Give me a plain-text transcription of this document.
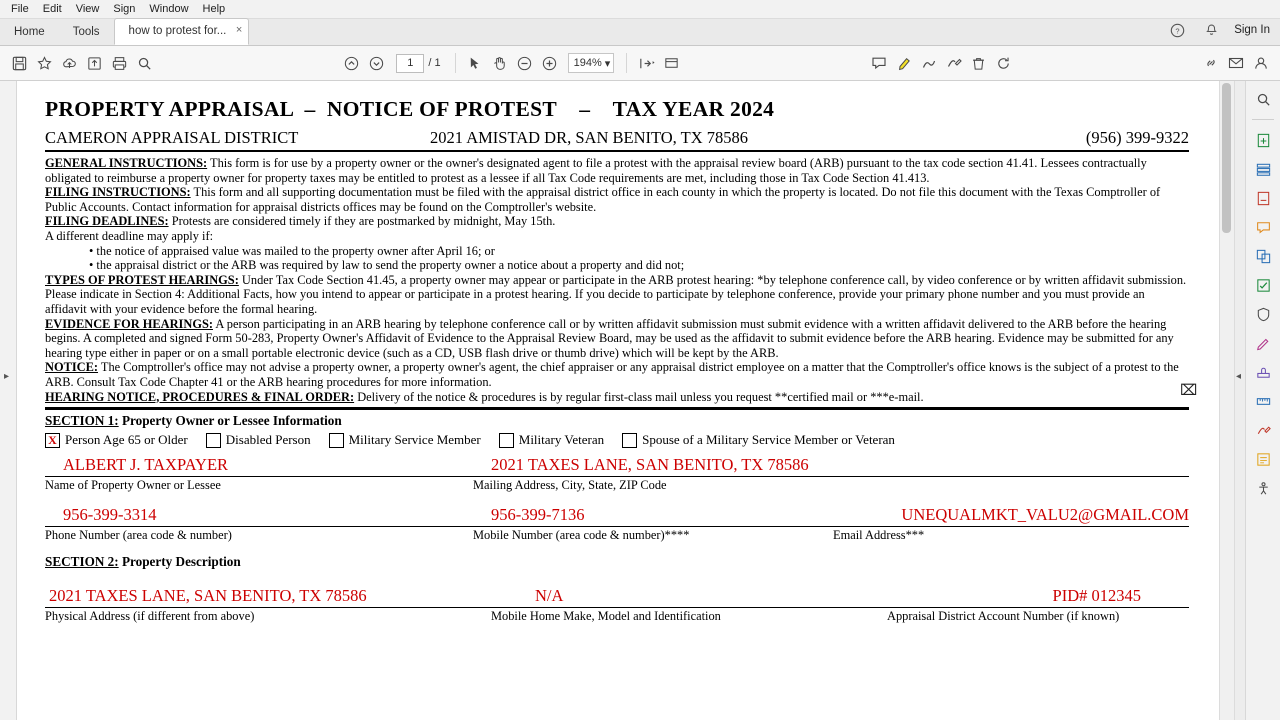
File	Edit	View	Sign	Window	Help
Home	Tools	how to protest for... ×	?	Sign In
1	/ 1	194% ▾
▸
PROPERTY APPRAISAL  –  NOTICE OF PROTEST    –    TAX YEAR 2024
CAMERON APPRAISAL DISTRICT	2021 AMISTAD DR, SAN BENITO, TX 78586	(956) 399-9322

GENERAL INSTRUCTIONS: This form is for use by a property owner or the owner's designated agent to file a protest with the appraisal review board (ARB) pursuant to the tax code section 41.41. Lessees contractually obligated to reimburse a property owner for property taxes may be entitled to protest as a lessee if all Tax Code requirements are met, including those in Tax Code Section 41.413.

FILING INSTRUCTIONS: This form and all supporting documentation must be filed with the appraisal district office in each county in which the property is located. Do not file this document with the Texas Comptroller of Public Accounts. Contact information for appraisal districts offices may be found on the Comptroller's website.

FILING DEADLINES: Protests are considered timely if they are postmarked by midnight, May 15th.

A different deadline may apply if:

• the notice of appraised value was mailed to the property owner after April 16; or

• the appraisal district or the ARB was required by law to send the property owner a notice about a property and did not;

TYPES OF PROTEST HEARINGS: Under Tax Code Section 41.45, a property owner may appear or participate in the ARB protest hearing: *by telephone conference call, by video conference or by written affidavit submission. Please indicate in Section 4: Additional Facts, how you intend to appear or participate in a protest hearing. If you decide to participate by telephone conference, provide your primary phone number and you must provide an affidavit with your evidence before the formal hearing.

EVIDENCE FOR HEARINGS: A person participating in an ARB hearing by telephone conference call or by written affidavit submission must submit evidence with a written affidavit delivered to the ARB before the hearing begins. A completed and signed Form 50-283, Property Owner's Affidavit of Evidence to the Appraisal Review Board, may be used as the affidavit to submit evidence before the ARB hearing. Evidence may be submitted for any hearing type either in paper or on a small portable electronic device (such as a CD, USB flash drive or thumb drive) which will be kept by the ARB.

NOTICE: The Comptroller's office may not advise a property owner, a property owner's agent, the chief appraiser or any appraisal district employee on a matter that the Comptroller's office knows is the subject of a protest to the ARB. Consult Tax Code Chapter 41 or the ARB hearing procedures for more information.

HEARING NOTICE, PROCEDURES & FINAL ORDER: Delivery of the notice & procedures is by regular first-class mail unless you request **certified mail or ***e-mail.

SECTION 1: Property Owner or Lessee Information
X Person Age 65 or Older	Disabled Person	Military Service Member	Military Veteran	Spouse of a Military Service Member or Veteran
ALBERT J. TAXPAYER	2021 TAXES LANE, SAN BENITO, TX 78586
Name of Property Owner or Lessee	Mailing Address, City, State, ZIP Code
956-399-3314	956-399-7136	UNEQUALMKT_VALU2@GMAIL.COM
Phone Number (area code & number)	Mobile Number (area code & number)****	Email Address***
SECTION 2: Property Description
2021 TAXES LANE, SAN BENITO, TX 78586	N/A	PID# 012345
Physical Address (if different from above)	Mobile Home Make, Model and Identification	Appraisal District Account Number (if known)
⌧
◂
